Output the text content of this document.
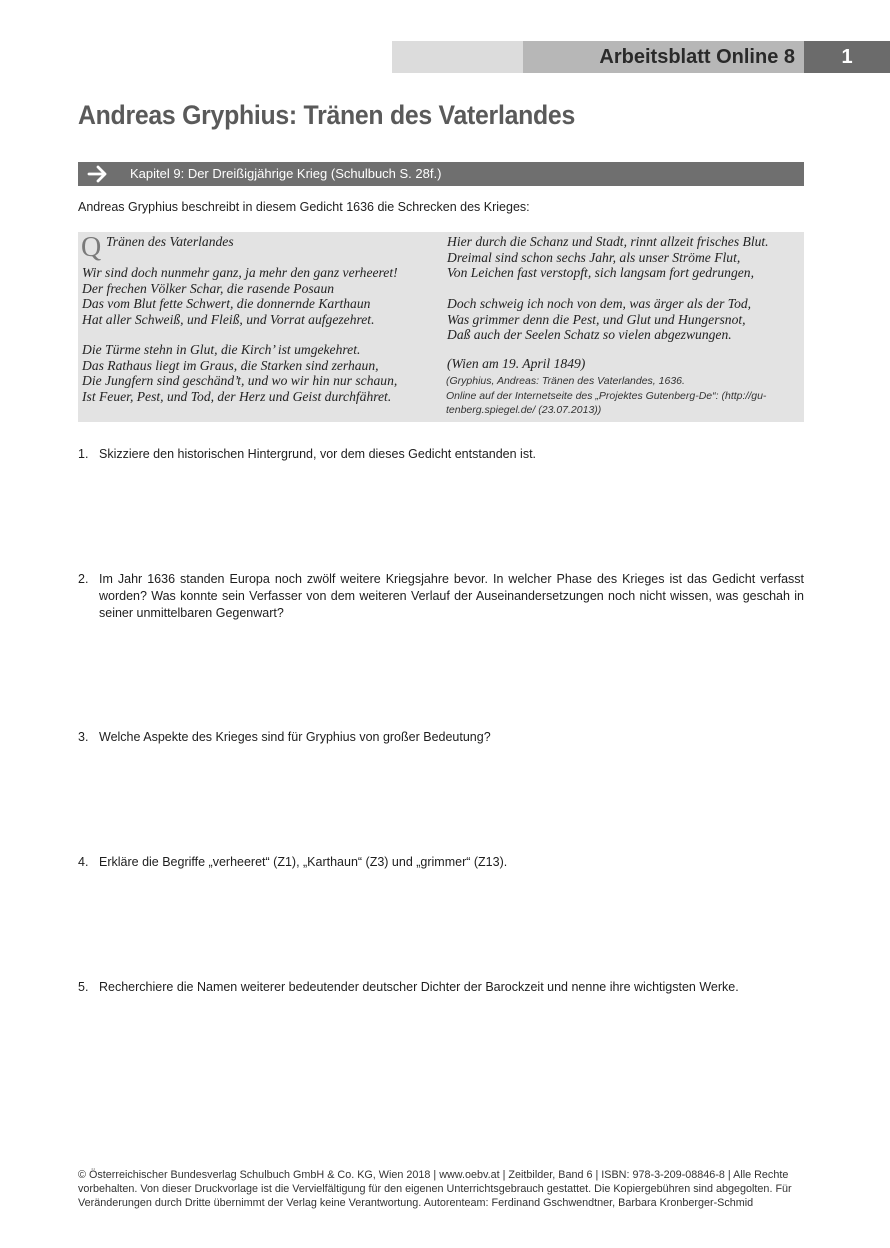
Arbeitsblatt Online 8	1
Andreas Gryphius: Tränen des Vaterlandes
Kapitel 9: Der Dreißigjährige Krieg (Schulbuch S. 28f.)
Andreas Gryphius beschreibt in diesem Gedicht 1636 die Schrecken des Krieges:
Q Tränen des Vaterlandes
Wir sind doch nunmehr ganz, ja mehr den ganz verheeret!
Der frechen Völker Schar, die rasende Posaun
Das vom Blut fette Schwert, die donnernde Karthaun
Hat aller Schweiß, und Fleiß, und Vorrat aufgezehret.
Die Türme stehn in Glut, die Kirch’ ist umgekehret.
Das Rathaus liegt im Graus, die Starken sind zerhaun,
Die Jungfern sind geschänd’t, und wo wir hin nur schaun,
Ist Feuer, Pest, und Tod, der Herz und Geist durchfähret.
Hier durch die Schanz und Stadt, rinnt allzeit frisches Blut.
Dreimal sind schon sechs Jahr, als unser Ströme Flut,
Von Leichen fast verstopft, sich langsam fort gedrungen,
Doch schweig ich noch von dem, was ärger als der Tod,
Was grimmer denn die Pest, und Glut und Hungersnot,
Daß auch der Seelen Schatz so vielen abgezwungen.
(Wien am 19. April 1849)
(Gryphius, Andreas: Tränen des Vaterlandes, 1636.
Online auf der Internetseite des „Projektes Gutenberg-De“: (http://gu-
tenberg.spiegel.de/ (23.07.2013))
1. Skizziere den historischen Hintergrund, vor dem dieses Gedicht entstanden ist.
2. Im Jahr 1636 standen Europa noch zwölf weitere Kriegsjahre bevor. In welcher Phase des Krieges ist das Gedicht verfasst worden? Was konnte sein Verfasser von dem weiteren Verlauf der Auseinandersetzungen noch nicht wissen, was geschah in seiner unmittelbaren Gegenwart?
3. Welche Aspekte des Krieges sind für Gryphius von großer Bedeutung?
4. Erkläre die Begriffe „verheeret“ (Z1), „Karthaun“ (Z3) und „grimmer“ (Z13).
5. Recherchiere die Namen weiterer bedeutender deutscher Dichter der Barockzeit und nenne ihre wichtigsten Werke.
© Österreichischer Bundesverlag Schulbuch GmbH & Co. KG, Wien 2018 | www.oebv.at | Zeitbilder, Band 6 | ISBN: 978-3-209-08846-8 | Alle Rechte vorbehalten. Von dieser Druckvorlage ist die Vervielfältigung für den eigenen Unterrichtsgebrauch gestattet. Die Kopiergebühren sind abgegolten. Für Veränderungen durch Dritte übernimmt der Verlag keine Verantwortung. Autorenteam: Ferdinand Gschwendtner, Barbara Kronberger-Schmid
